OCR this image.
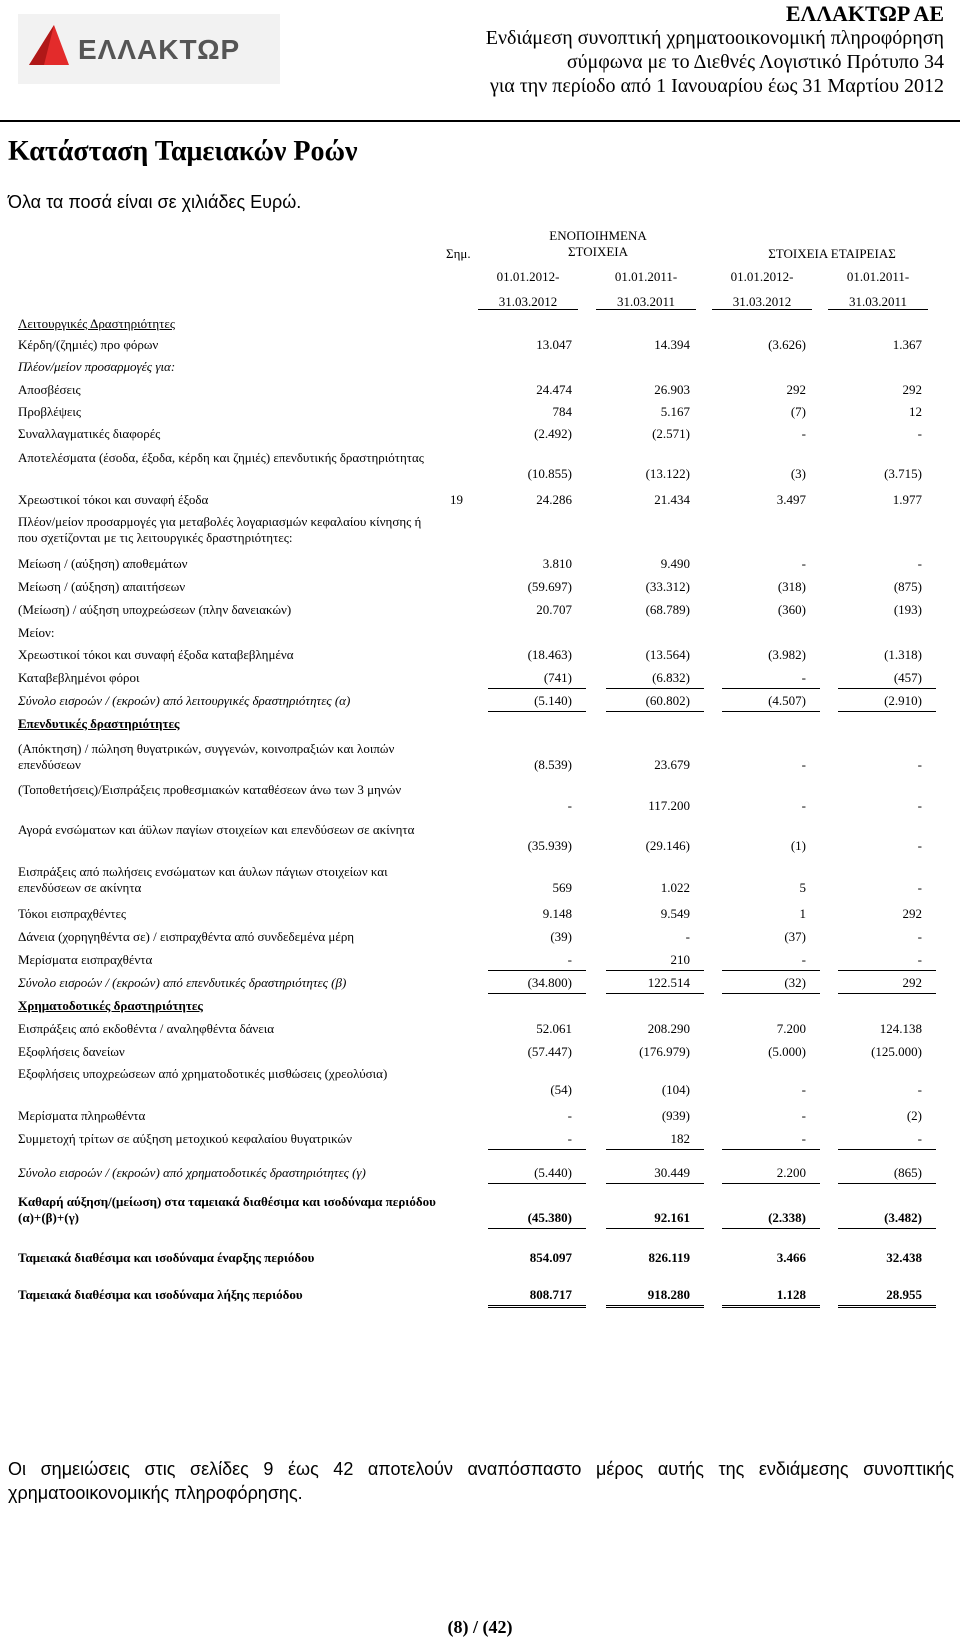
ΕΛΛΑΚΤΩΡ
ΕΛΛΑΚΤΩΡ ΑΕ
Ενδιάμεση συνοπτική χρηματοοικονομική πληροφόρηση
σύμφωνα με το Διεθνές Λογιστικό Πρότυπο 34
για την περίοδο από 1 Ιανουαρίου έως 31 Μαρτίου 2012
Κατάσταση Ταμειακών Ροών
Όλα τα ποσά είναι σε χιλιάδες Ευρώ.
Σημ.
ΕΝΟΠΟΙΗΜΕΝΑ
ΣΤΟΙΧΕΙΑ	ΣΤΟΙΧΕΙΑ ΕΤΑΙΡΕΙΑΣ
01.01.2012-	01.01.2011-	01.01.2012-	01.01.2011-
31.03.2012	31.03.2011	31.03.2012	31.03.2011
Λειτουργικές Δραστηριότητες
Κέρδη/(ζημιές) προ φόρων	13.047	14.394	(3.626)	1.367
Πλέον/μείον προσαρμογές για:
Αποσβέσεις	24.474	26.903	292	292
Προβλέψεις	784	5.167	(7)	12
Συναλλαγματικές διαφορές	(2.492)	(2.571)	-	-
Αποτελέσματα (έσοδα, έξοδα, κέρδη και ζημιές) επενδυτικής δραστηριότητας
(10.855)	(13.122)	(3)	(3.715)
Χρεωστικοί τόκοι και συναφή έξοδα	19	24.286	21.434	3.497	1.977
Πλέον/μείον προσαρμογές για μεταβολές λογαριασμών κεφαλαίου κίνησης ή που σχετίζονται με τις λειτουργικές δραστηριότητες:
Μείωση / (αύξηση) αποθεμάτων	3.810	9.490	-	-
Μείωση / (αύξηση) απαιτήσεων	(59.697)	(33.312)	(318)	(875)
(Μείωση) / αύξηση υποχρεώσεων (πλην δανειακών)	20.707	(68.789)	(360)	(193)
Μείον:
Χρεωστικοί τόκοι και συναφή έξοδα καταβεβλημένα	(18.463)	(13.564)	(3.982)	(1.318)
Καταβεβλημένοι φόροι	(741)	(6.832)	-	(457)
Σύνολο εισροών / (εκροών) από λειτουργικές δραστηριότητες (α)	(5.140)	(60.802)	(4.507)	(2.910)
Επενδυτικές δραστηριότητες
(Απόκτηση) / πώληση θυγατρικών, συγγενών, κοινοπραξιών και λοιπών επενδύσεων	(8.539)	23.679	-	-
(Τοποθετήσεις)/Εισπράξεις προθεσμιακών καταθέσεων άνω των 3 μηνών
-	117.200	-	-
Αγορά ενσώματων και άϋλων παγίων στοιχείων και επενδύσεων σε ακίνητα
(35.939)	(29.146)	(1)	-
Εισπράξεις από πωλήσεις ενσώματων και άυλων πάγιων στοιχείων και επενδύσεων σε ακίνητα	569	1.022	5	-
Τόκοι εισπραχθέντες	9.148	9.549	1	292
Δάνεια (χορηγηθέντα σε) / εισπραχθέντα από συνδεδεμένα μέρη	(39)	-	(37)	-
Μερίσματα εισπραχθέντα	-	210	-	-
Σύνολο εισροών / (εκροών) από επενδυτικές δραστηριότητες (β)	(34.800)	122.514	(32)	292
Χρηματοδοτικές δραστηριότητες
Εισπράξεις από εκδοθέντα / αναληφθέντα δάνεια	52.061	208.290	7.200	124.138
Εξοφλήσεις δανείων	(57.447)	(176.979)	(5.000)	(125.000)
Εξοφλήσεις υποχρεώσεων από χρηματοδοτικές μισθώσεις (χρεολύσια)
(54)	(104)	-	-
Μερίσματα πληρωθέντα	-	(939)	-	(2)
Συμμετοχή τρίτων σε αύξηση μετοχικού κεφαλαίου θυγατρικών	-	182	-	-
Σύνολο εισροών / (εκροών) από χρηματοδοτικές δραστηριότητες (γ)	(5.440)	30.449	2.200	(865)
Καθαρή αύξηση/(μείωση) στα ταμειακά διαθέσιμα και ισοδύναμα περιόδου (α)+(β)+(γ)	(45.380)	92.161	(2.338)	(3.482)
Ταμειακά διαθέσιμα και ισοδύναμα έναρξης περιόδου	854.097	826.119	3.466	32.438
Ταμειακά διαθέσιμα και ισοδύναμα λήξης περιόδου	808.717	918.280	1.128	28.955
Οι σημειώσεις στις σελίδες 9 έως 42 αποτελούν αναπόσπαστο μέρος αυτής της ενδιάμεσης συνοπτικής χρηματοοικονομικής πληροφόρησης.
(8) / (42)
